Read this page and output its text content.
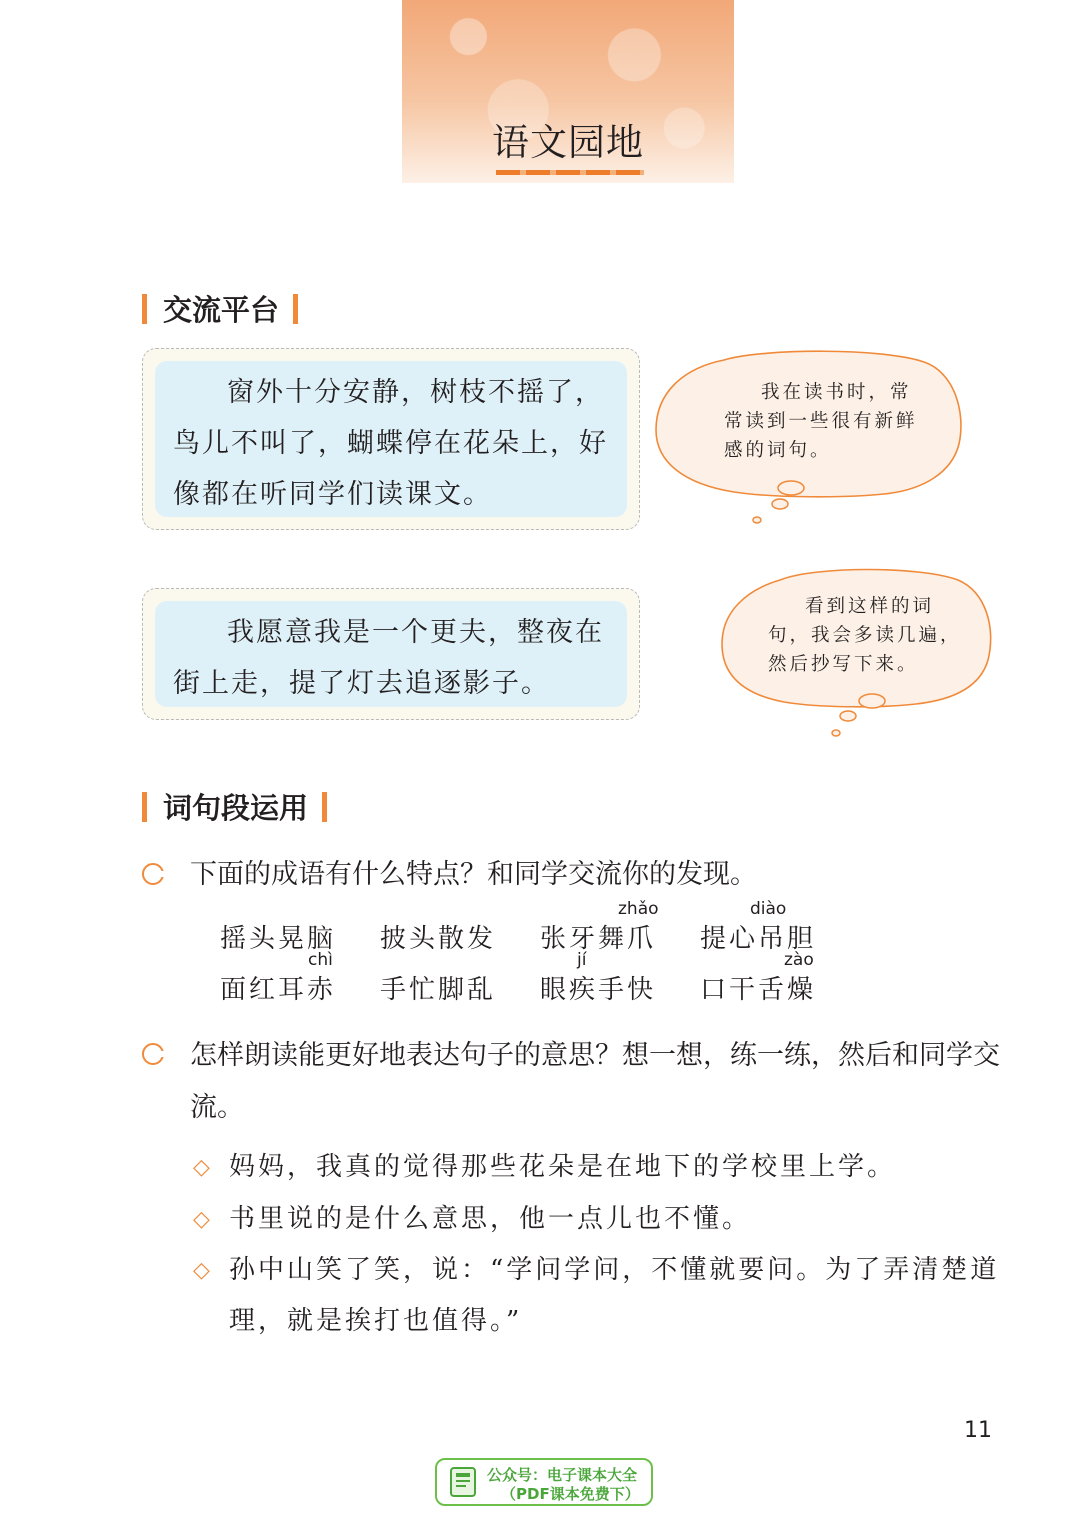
语文园地
交流平台
窗外十分安静，树枝不摇了，鸟儿不叫了，蝴蝶停在花朵上，好像都在听同学们读课文。
我在读书时，常常读到一些很有新鲜感的词句。
我愿意我是一个更夫，整夜在街上走，提了灯去追逐影子。
看到这样的词句，我会多读几遍，然后抄写下来。
词句段运用
下面的成语有什么特点？和同学交流你的发现。
摇头晃脑 披头散发 张牙舞爪 提心吊胆
zhǎo	diào
面红耳赤 手忙脚乱 眼疾手快 口干舌燥
chì	jí	zào
怎样朗读能更好地表达句子的意思？想一想，练一练，然后和同学交流。
◇ 妈妈，我真的觉得那些花朵是在地下的学校里上学。
◇ 书里说的是什么意思，他一点儿也不懂。
◇ 孙中山笑了笑，说：“学问学问，不懂就要问。为了弄清楚道理，就是挨打也值得。”
11
公众号：电子课本大全
（PDF课本免费下）
